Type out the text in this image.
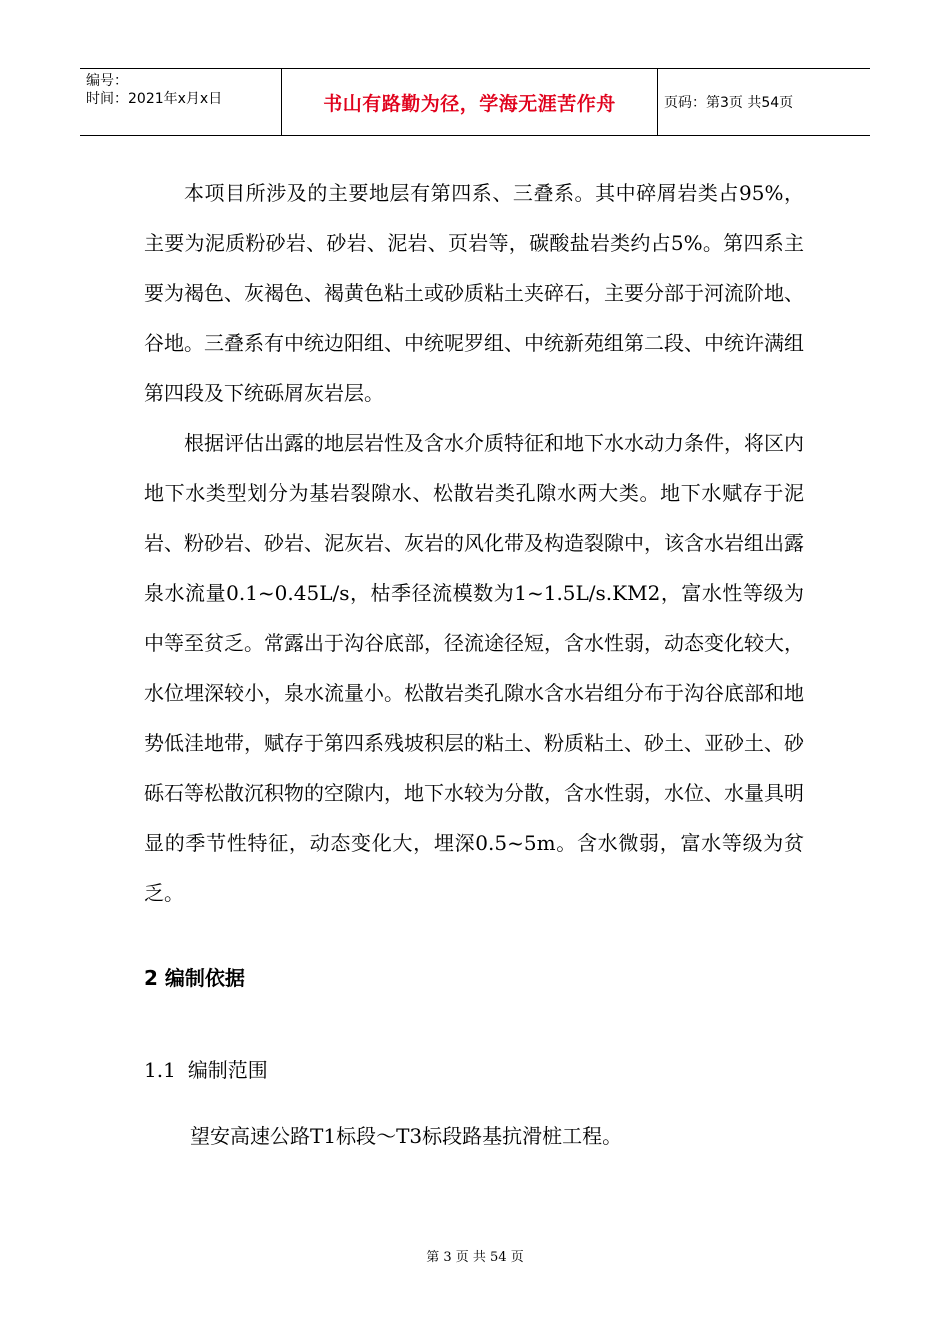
编号：
时间：2021年x月x日	书山有路勤为径，学海无涯苦作舟	页码：第3页 共54页

本项目所涉及的主要地层有第四系、三叠系。其中碎屑岩类占95%，主要为泥质粉砂岩、砂岩、泥岩、页岩等，碳酸盐岩类约占5%。第四系主要为褐色、灰褐色、褐黄色粘土或砂质粘土夹碎石，主要分部于河流阶地、谷地。三叠系有中统边阳组、中统呢罗组、中统新苑组第二段、中统许满组第四段及下统砾屑灰岩层。

根据评估出露的地层岩性及含水介质特征和地下水水动力条件，将区内地下水类型划分为基岩裂隙水、松散岩类孔隙水两大类。地下水赋存于泥岩、粉砂岩、砂岩、泥灰岩、灰岩的风化带及构造裂隙中，该含水岩组出露泉水流量0.1~0.45L/s，枯季径流模数为1~1.5L/s.KM2，富水性等级为中等至贫乏。常露出于沟谷底部，径流途径短，含水性弱，动态变化较大，水位埋深较小，泉水流量小。松散岩类孔隙水含水岩组分布于沟谷底部和地势低洼地带，赋存于第四系残坡积层的粘土、粉质粘土、砂土、亚砂土、砂砾石等松散沉积物的空隙内，地下水较为分散，含水性弱，水位、水量具明显的季节性特征，动态变化大，埋深0.5~5m。含水微弱，富水等级为贫乏。

2 编制依据

1.1 编制范围

望安高速公路T1标段～T3标段路基抗滑桩工程。

第 3 页 共 54 页
